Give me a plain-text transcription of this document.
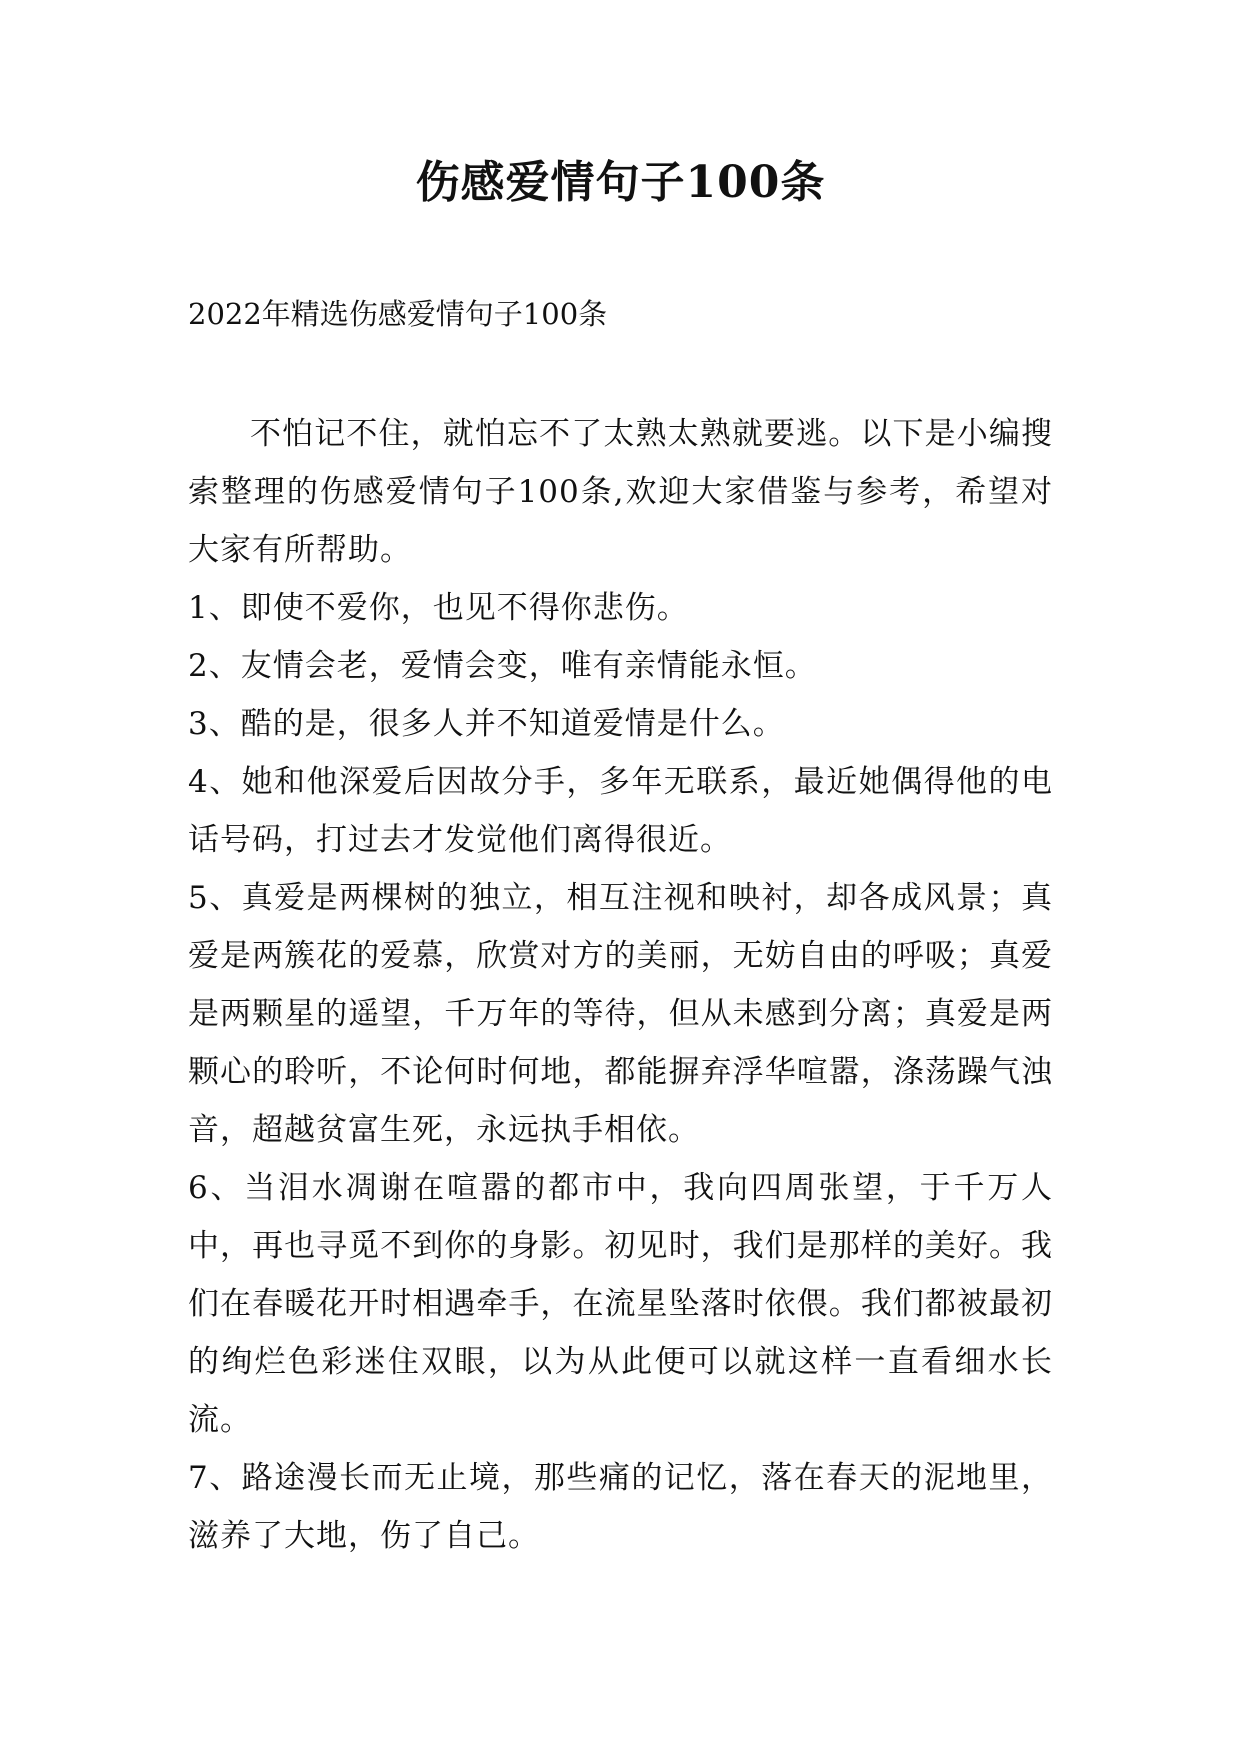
伤感爱情句子100条
2022年精选伤感爱情句子100条

不怕记不住，就怕忘不了太熟太熟就要逃。以下是小编搜索整理的伤感爱情句子100条,欢迎大家借鉴与参考，希望对大家有所帮助。

1、即使不爱你，也见不得你悲伤。

2、友情会老，爱情会变，唯有亲情能永恒。

3、酷的是，很多人并不知道爱情是什么。

4、她和他深爱后因故分手，多年无联系，最近她偶得他的电话号码，打过去才发觉他们离得很近。

5、真爱是两棵树的独立，相互注视和映衬，却各成风景；真爱是两簇花的爱慕，欣赏对方的美丽，无妨自由的呼吸；真爱是两颗星的遥望，千万年的等待，但从未感到分离；真爱是两颗心的聆听，不论何时何地，都能摒弃浮华喧嚣，涤荡躁气浊音，超越贫富生死，永远执手相依。

6、当泪水凋谢在喧嚣的都市中，我向四周张望，于千万人中，再也寻觅不到你的身影。初见时，我们是那样的美好。我们在春暖花开时相遇牵手，在流星坠落时依偎。我们都被最初的绚烂色彩迷住双眼，以为从此便可以就这样一直看细水长流。

7、路途漫长而无止境，那些痛的记忆，落在春天的泥地里，滋养了大地，伤了自己。
